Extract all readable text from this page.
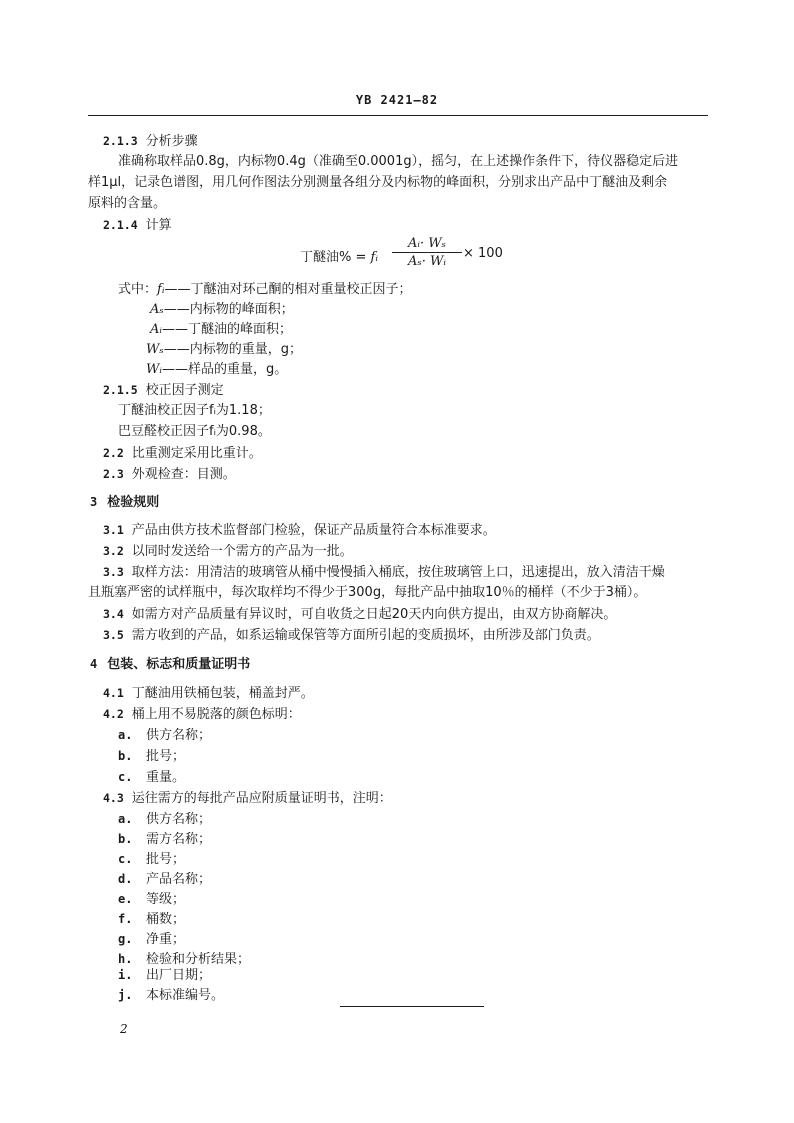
YB 2421—82
2.1.3 分析步骤
准确称取样品0.8g，内标物0.4g（准确至0.0001g），摇匀，在上述操作条件下，待仪器稳定后进
样1μl，记录色谱图，用几何作图法分别测量各组分及内标物的峰面积，分别求出产品中丁醚油及剩余
原料的含量。
2.1.4 计算
丁醚油% = fᵢ
Aᵢ· Wₛ
Aₛ· Wᵢ
× 100
式中：fᵢ——丁醚油对环己酮的相对重量校正因子；
Aₛ——内标物的峰面积；
Aᵢ——丁醚油的峰面积；
Wₛ——内标物的重量，g；
Wᵢ——样品的重量，g。
2.1.5 校正因子测定
丁醚油校正因子fᵢ为1.18；
巴豆醛校正因子fᵢ为0.98。
2.2 比重测定采用比重计。
2.3 外观检查：目测。
3 检验规则
3.1 产品由供方技术监督部门检验，保证产品质量符合本标准要求。
3.2 以同时发送给一个需方的产品为一批。
3.3 取样方法：用清洁的玻璃管从桶中慢慢插入桶底，按住玻璃管上口，迅速提出，放入清洁干燥
且瓶塞严密的试样瓶中，每次取样均不得少于300g，每批产品中抽取10％的桶样（不少于3桶）。
3.4 如需方对产品质量有异议时，可自收货之日起20天内向供方提出，由双方协商解决。
3.5 需方收到的产品，如系运输或保管等方面所引起的变质损坏，由所涉及部门负责。
4 包装、标志和质量证明书
4.1 丁醚油用铁桶包装，桶盖封严。
4.2 桶上用不易脱落的颜色标明：
a. 供方名称；
b. 批号；
c. 重量。
4.3 运往需方的每批产品应附质量证明书，注明：
a. 供方名称；
b. 需方名称；
c. 批号；
d. 产品名称；
e. 等级；
f. 桶数；
g. 净重；
h. 检验和分析结果；
i. 出厂日期；
j. 本标准编号。
2
